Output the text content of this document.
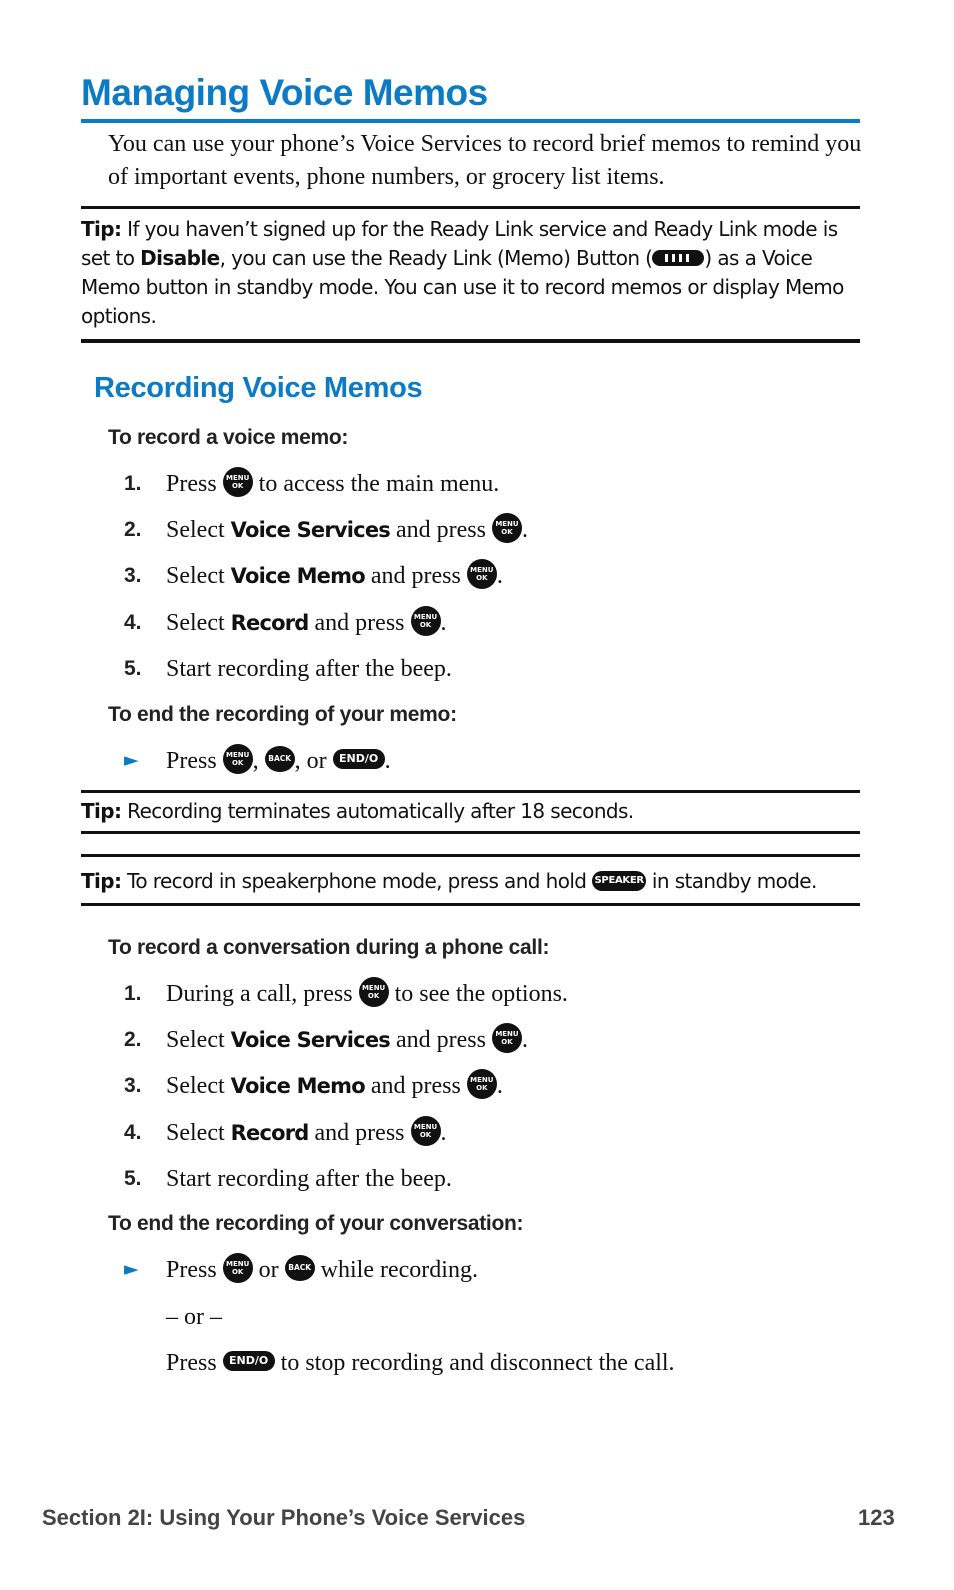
Managing Voice Memos

You can use your phone’s Voice Services to record brief memos to remind you of important events, phone numbers, or grocery list items.

Tip: If you haven’t signed up for the Ready Link service and Ready Link mode is set to Disable, you can use the Ready Link (Memo) Button (	) as a Voice Memo button in standby mode. You can use it to record memos or display Memo options.
Recording Voice Memos
To record a voice memo:
1.	Press MENU
OK to access the main menu.
2.	Select Voice Services and press MENU
OK .
3.	Select Voice Memo and press MENU
OK .
4.	Select Record and press MENU
OK .
5.	Start recording after the beep.
To end the recording of your memo:
► Press MENU
OK , BACK , or END/O .
Tip: Recording terminates automatically after 18 seconds.
Tip: To record in speakerphone mode, press and hold SPEAKER in standby mode.
To record a conversation during a phone call:
1.	During a call, press MENU
OK to see the options.
2.	Select Voice Services and press MENU
OK .
3.	Select Voice Memo and press MENU
OK .
4.	Select Record and press MENU
OK .
5.	Start recording after the beep.
To end the recording of your conversation:
► Press MENU
OK or BACK while recording.
– or –
Press END/O to stop recording and disconnect the call.
Section 2I: Using Your Phone’s Voice Services	123
